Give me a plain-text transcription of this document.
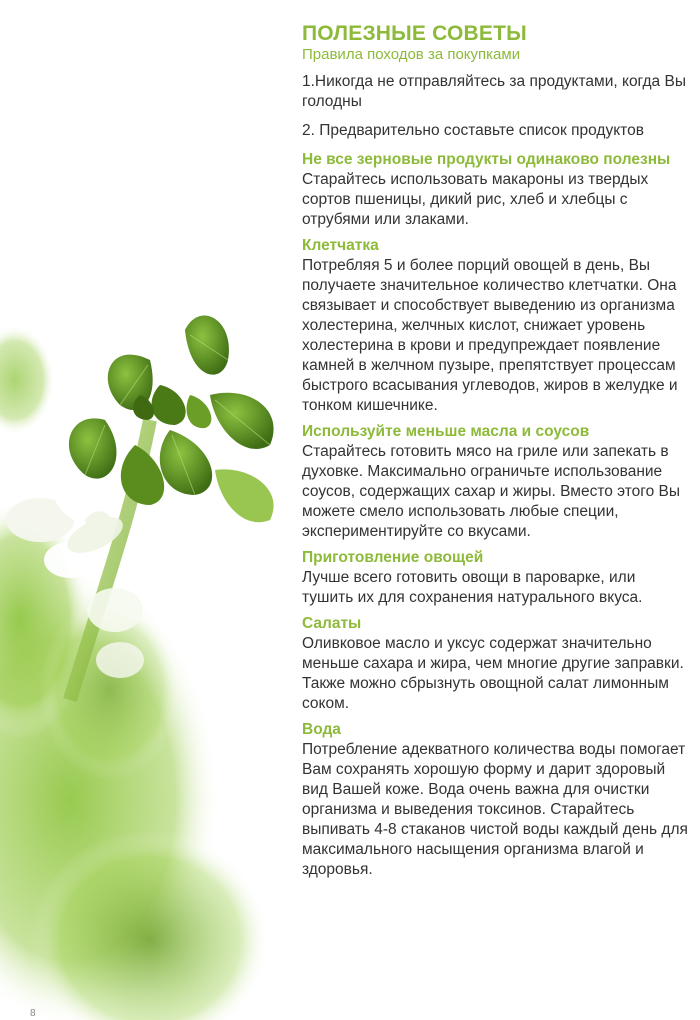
ПОЛЕЗНЫЕ СОВЕТЫ

Правила походов за покупками

1.Никогда не отправляйтесь за продуктами, когда Вы голодны

2. Предварительно составьте список продуктов

Не все зерновые продукты одинаково полезны

Старайтесь использовать макароны из твердых сортов пшеницы, дикий рис, хлеб и хлебцы с отрубями или злаками.

Клетчатка

Потребляя 5 и более порций овощей в день, Вы получаете значительное количество клетчатки. Она связывает и способствует выведению из организма холестерина, желчных кислот, снижает уровень холестерина в крови и предупреждает появление камней в желчном пузыре, препятствует процессам быстрого всасывания углеводов, жиров в желудке и тонком кишечнике.

Используйте меньше масла и соусов

Старайтесь готовить мясо на гриле или запекать в духовке. Максимально ограничьте использование соусов, содержащих сахар и жиры. Вместо этого Вы можете смело использовать любые специи, экспериментируйте со вкусами.

Приготовление овощей

Лучше всего готовить овощи в пароварке, или тушить их для сохранения натурального вкуса.

Салаты

Оливковое масло и уксус содержат значительно меньше сахара и жира, чем многие другие заправки. Также можно сбрызнуть овощной салат лимонным соком.

Вода

Потребление адекватного количества воды помогает Вам сохранять хорошую форму и дарит здоровый вид Вашей коже. Вода очень важна для очистки организма и выведения токсинов. Старайтесь выпивать 4-8 стаканов чистой воды каждый день для максимального насыщения организма влагой и здоровья.

8
